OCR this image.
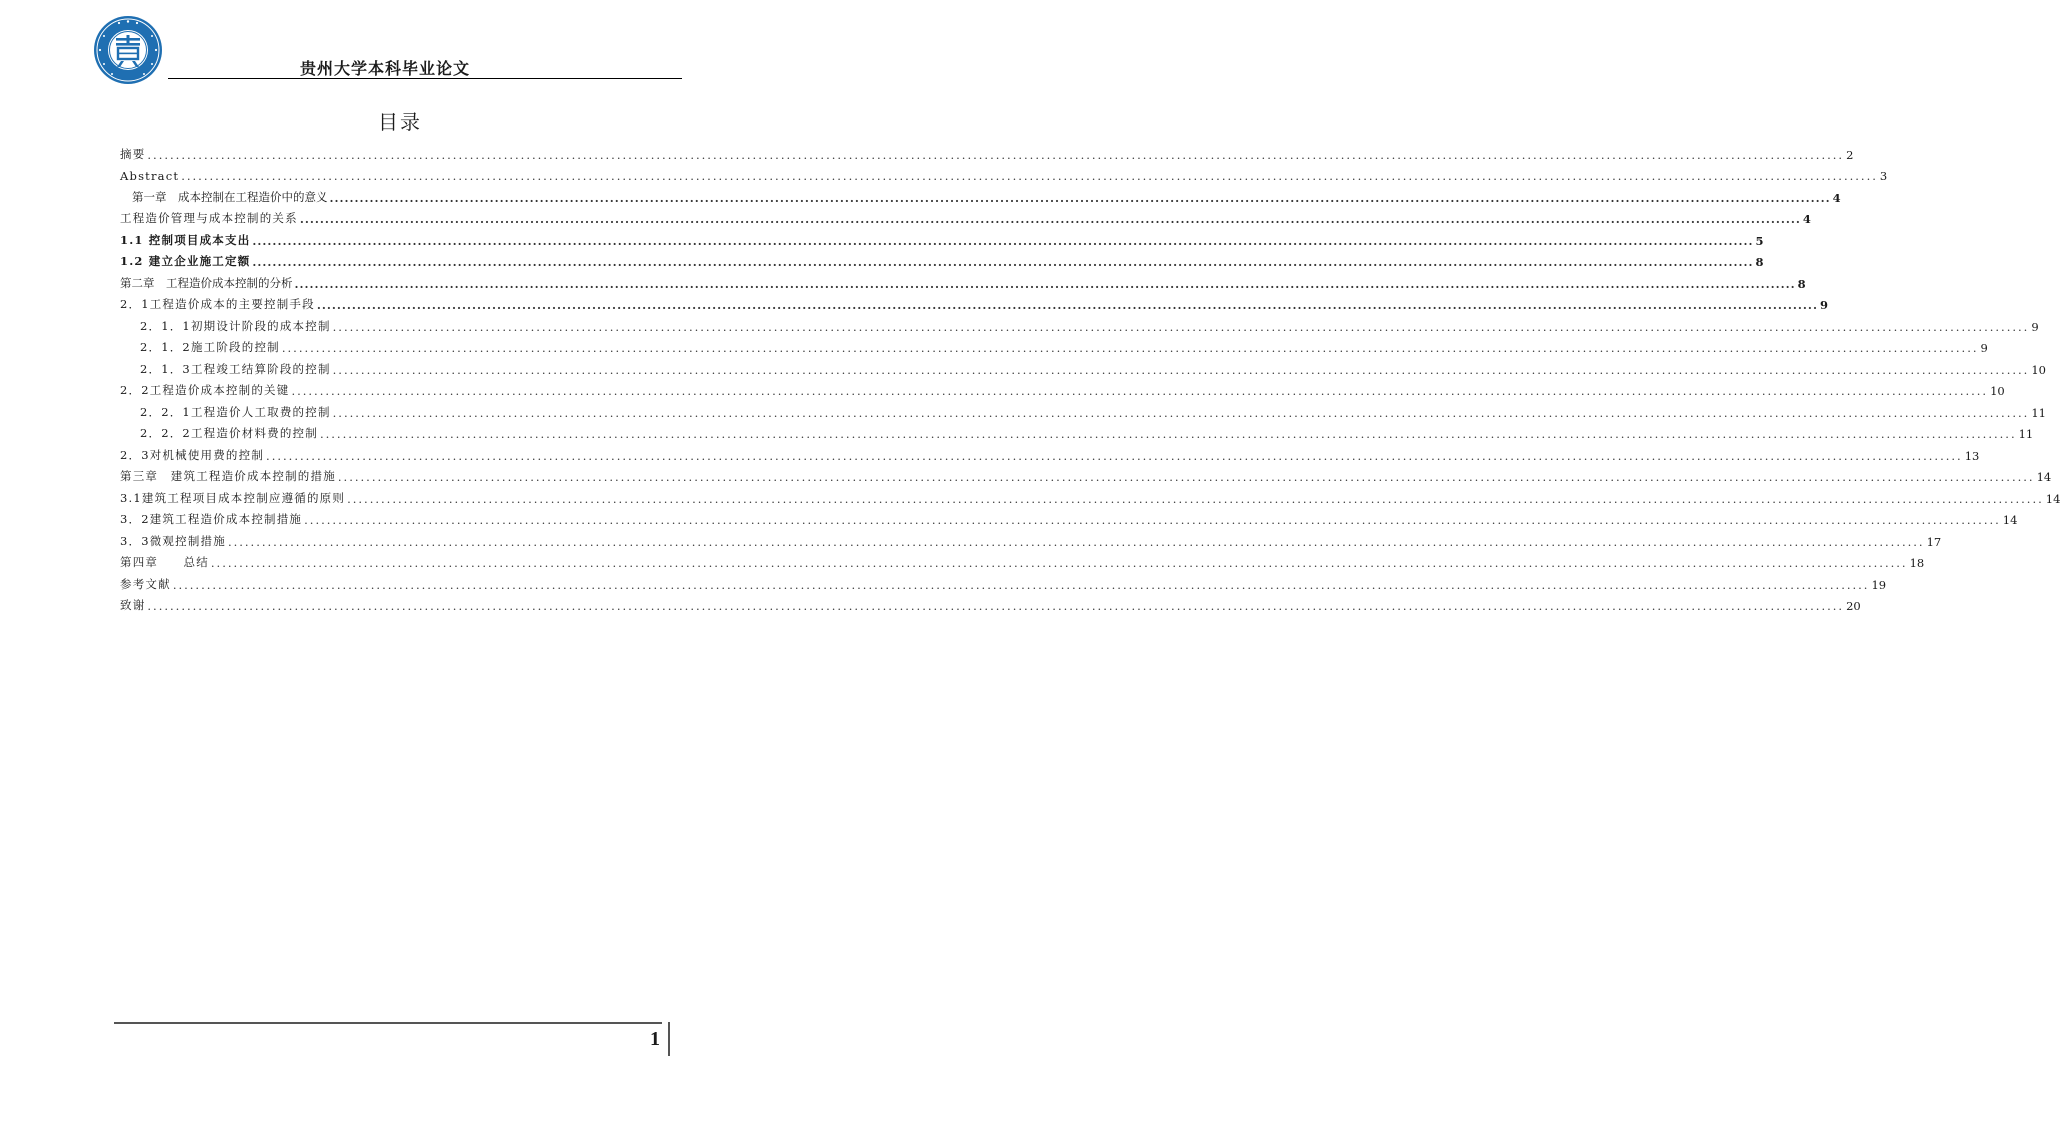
贵州大学本科毕业论文
目录
摘要 ............................................................................................................................................................................................................................................................................................................ 2
Abstract ............................................................................................................................................................................................................................................................................................................ 3
第一章　成本控制在工程造价中的意义 ............................................................................................................................................................................................................................................................................................................ 4
工程造价管理与成本控制的关系 ............................................................................................................................................................................................................................................................................................................ 4
1.1 控制项目成本支出 ............................................................................................................................................................................................................................................................................................................ 5
1.2 建立企业施工定额 ............................................................................................................................................................................................................................................................................................................ 8
第二章　工程造价成本控制的分析 ............................................................................................................................................................................................................................................................................................................ 8
2．1工程造价成本的主要控制手段 ............................................................................................................................................................................................................................................................................................................ 9
2．1．1初期设计阶段的成本控制 ............................................................................................................................................................................................................................................................................................................ 9
2．1．2施工阶段的控制 ............................................................................................................................................................................................................................................................................................................ 9
2．1．3工程竣工结算阶段的控制 ............................................................................................................................................................................................................................................................................................................ 10
2．2工程造价成本控制的关键 ............................................................................................................................................................................................................................................................................................................ 10
2．2．1工程造价人工取费的控制 ............................................................................................................................................................................................................................................................................................................ 11
2．2．2工程造价材料费的控制 ............................................................................................................................................................................................................................................................................................................ 11
2．3对机械使用费的控制 ............................................................................................................................................................................................................................................................................................................ 13
第三章　建筑工程造价成本控制的措施 ............................................................................................................................................................................................................................................................................................................ 14
3.1建筑工程项目成本控制应遵循的原则 ............................................................................................................................................................................................................................................................................................................ 14
3．2建筑工程造价成本控制措施 ............................................................................................................................................................................................................................................................................................................ 14
3．3微观控制措施 ............................................................................................................................................................................................................................................................................................................ 17
第四章　　总结 ............................................................................................................................................................................................................................................................................................................ 18
参考文献 ............................................................................................................................................................................................................................................................................................................ 19
致谢 ............................................................................................................................................................................................................................................................................................................ 20
1
